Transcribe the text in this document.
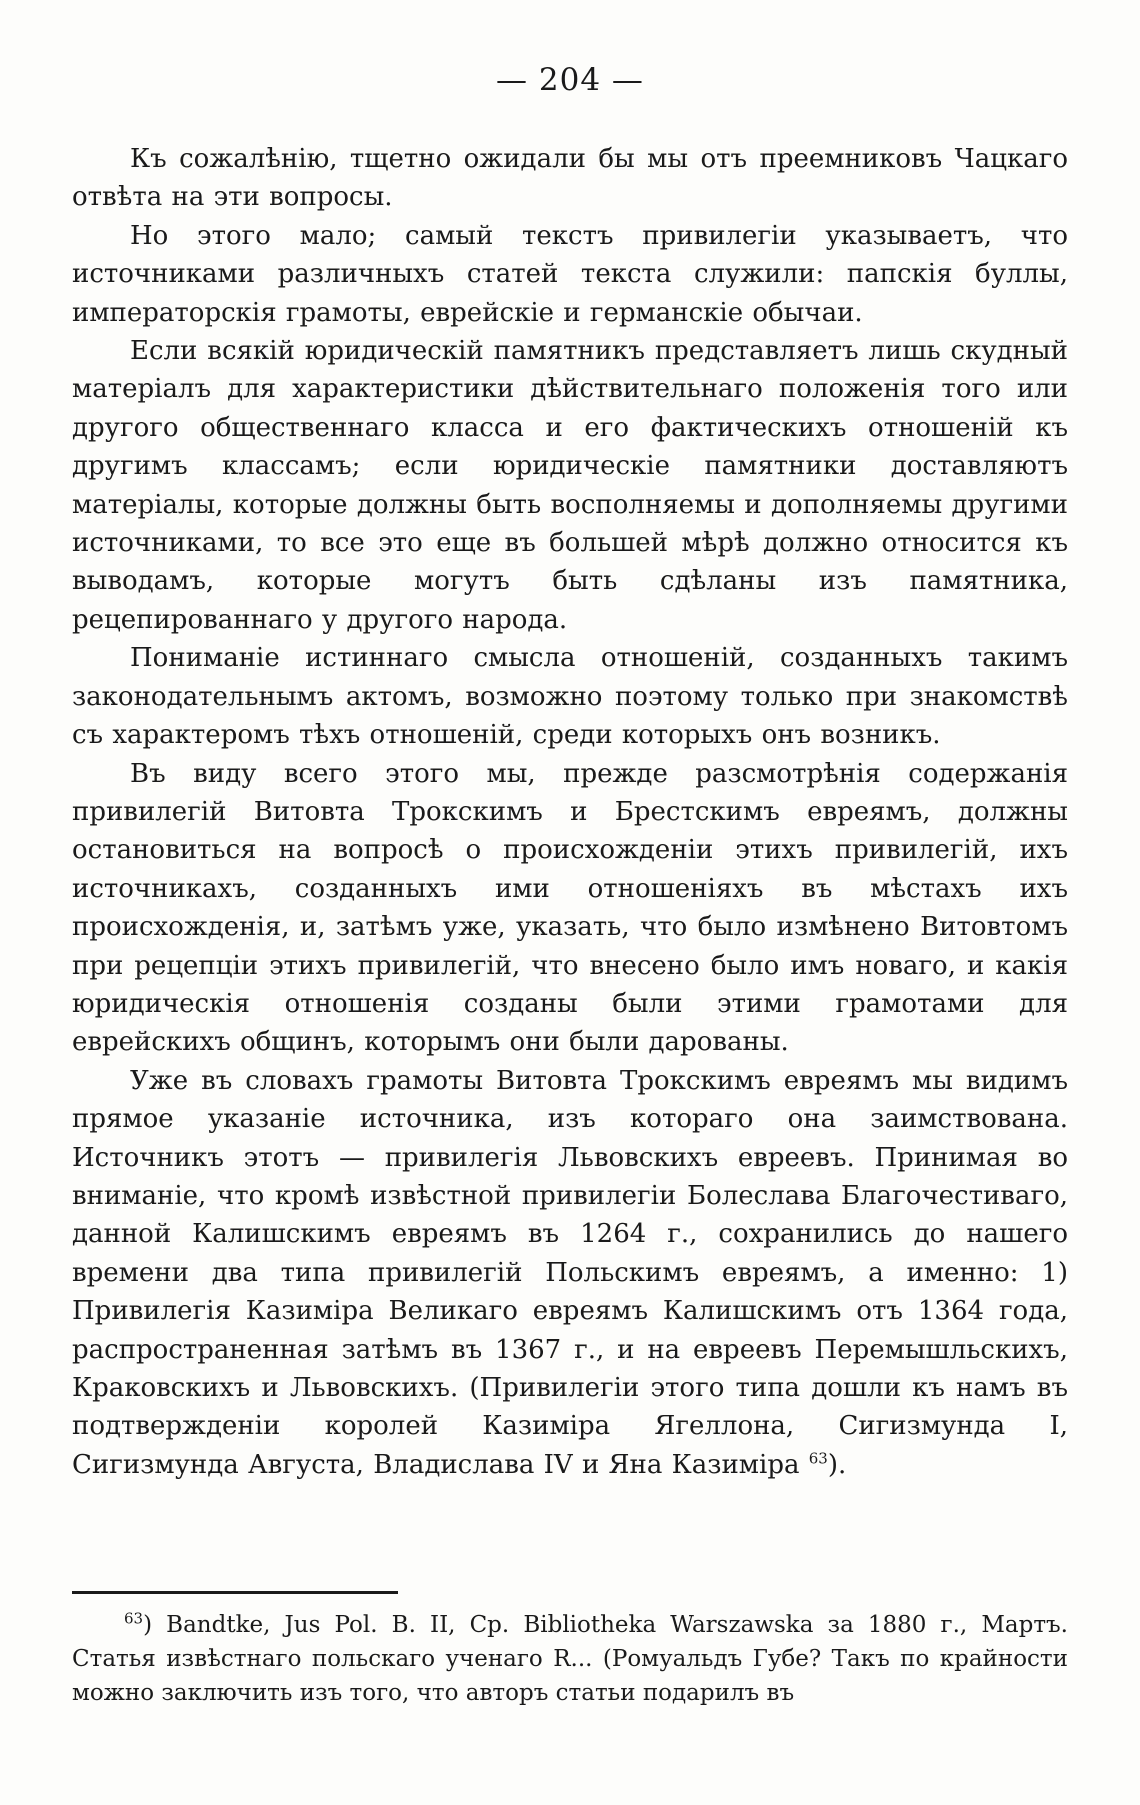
— 204 —

Къ сожалѣнію, тщетно ожидали бы мы отъ преемниковъ Чацкаго отвѣта на эти вопросы.

Но этого мало; самый текстъ привилегіи указываетъ, что источниками различныхъ статей текста служили: папскія буллы, императорскія грамоты, еврейскіе и германскіе обычаи.

Если всякій юридическій памятникъ представляетъ лишь скудный матеріалъ для характеристики дѣйствительнаго положенія того или другого общественнаго класса и его фактическихъ отношеній къ другимъ классамъ; если юридическіе памятники доставляютъ матеріалы, которые должны быть восполняемы и дополняемы другими источниками, то все это еще въ большей мѣрѣ должно относится къ выводамъ, которые могутъ быть сдѣланы изъ памятника, рецепированнаго у другого народа.

Пониманіе истиннаго смысла отношеній, созданныхъ такимъ законодательнымъ актомъ, возможно поэтому только при знакомствѣ съ характеромъ тѣхъ отношеній, среди которыхъ онъ возникъ.

Въ виду всего этого мы, прежде разсмотрѣнія содержанія привилегій Витовта Трокскимъ и Брестскимъ евреямъ, должны остановиться на вопросѣ о происхожденіи этихъ привилегій, ихъ источникахъ, созданныхъ ими отношеніяхъ въ мѣстахъ ихъ происхожденія, и, затѣмъ уже, указать, что было измѣнено Витовтомъ при рецепціи этихъ привилегій, что внесено было имъ новаго, и какія юридическія отношенія созданы были этими грамотами для еврейскихъ общинъ, которымъ они были дарованы.

Уже въ словахъ грамоты Витовта Трокскимъ евреямъ мы видимъ прямое указаніе источника, изъ котораго она заимствована. Источникъ этотъ — привилегія Львовскихъ евреевъ. Принимая во вниманіе, что кромѣ извѣстной привилегіи Болеслава Благочестиваго, данной Калишскимъ евреямъ въ 1264 г., сохранились до нашего времени два типа привилегій Польскимъ евреямъ, а именно: 1) Привилегія Казиміра Великаго евреямъ Калишскимъ отъ 1364 года, распространенная затѣмъ въ 1367 г., и на евреевъ Перемышльскихъ, Краковскихъ и Львовскихъ. (Привилегіи этого типа дошли къ намъ въ подтвержденіи королей Казиміра Ягеллона, Сигизмунда I, Сигизмунда Августа, Владислава IV и Яна Казиміра $^{63}$).

$^{63}$) Bandtke, Jus Pol. B. II, Cp. Bibliotheka Warszawska за 1880 г., Мартъ. Статья извѣстнаго польскаго ученаго R... (Ромуальдъ Губе? Такъ по крайности можно заключить изъ того, что авторъ статьи подарилъ въ
